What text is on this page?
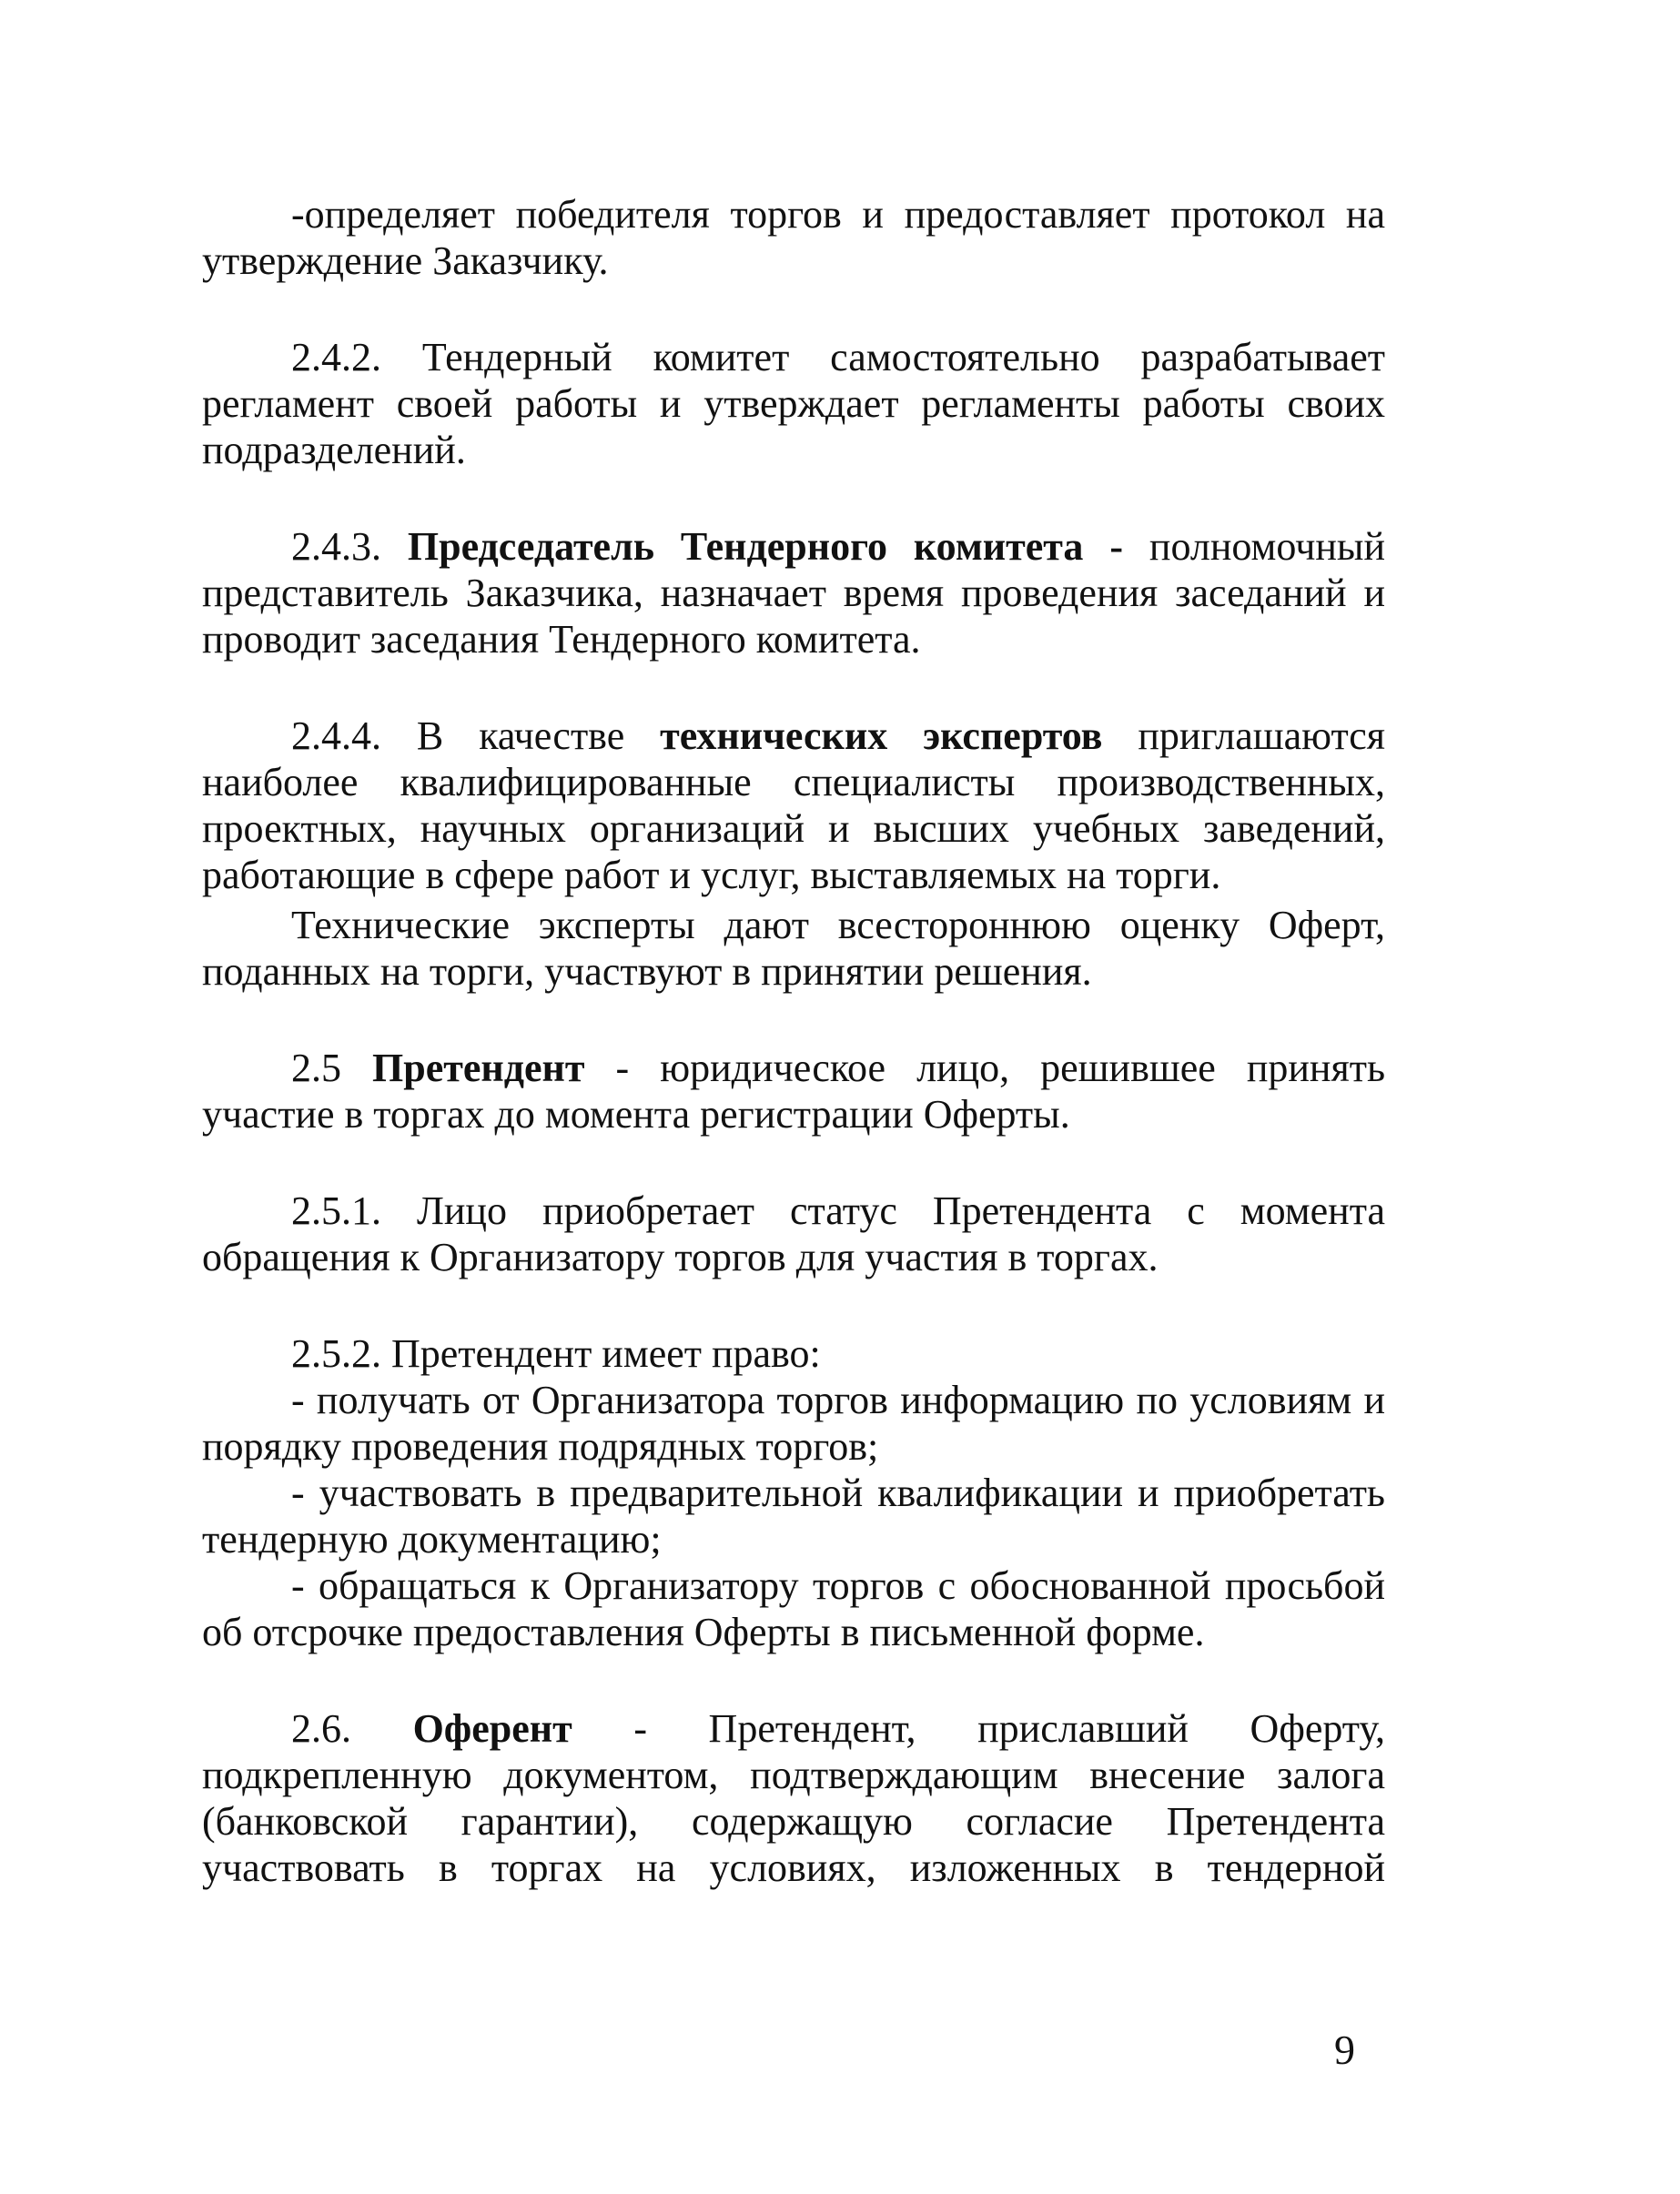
-определяет победителя торгов и предоставляет протокол на утверждение Заказчику.

2.4.2. Тендерный комитет самостоятельно разрабатывает регламент своей работы и утверждает регламенты работы своих подразделений.

2.4.3. Председатель Тендерного комитета - полномочный представитель Заказчика, назначает время проведения заседаний и проводит заседания Тендерного комитета.

2.4.4. В качестве технических экспертов приглашаются наиболее квалифицированные специалисты производственных, проектных, научных организаций и высших учебных заведений, работающие в сфере работ и услуг, выставляемых на торги.

Технические эксперты дают всестороннюю оценку Оферт, поданных на торги, участвуют в принятии решения.

2.5 Претендент - юридическое лицо, решившее принять участие в торгах до момента регистрации Оферты.

2.5.1. Лицо приобретает статус Претендента с момента обращения к Организатору торгов для участия в торгах.

2.5.2. Претендент имеет право:

- получать от Организатора торгов информацию по условиям и порядку проведения подрядных торгов;

- участвовать в предварительной квалификации и приобретать тендерную документацию;

- обращаться к Организатору торгов с обоснованной просьбой об отсрочке предоставления Оферты в письменной форме.

2.6. Оферент - Претендент, приславший Оферту, подкрепленную документом, подтверждающим внесение залога (банковской гарантии), содержащую согласие Претендента участвовать в торгах на условиях, изложенных в тендерной

9
